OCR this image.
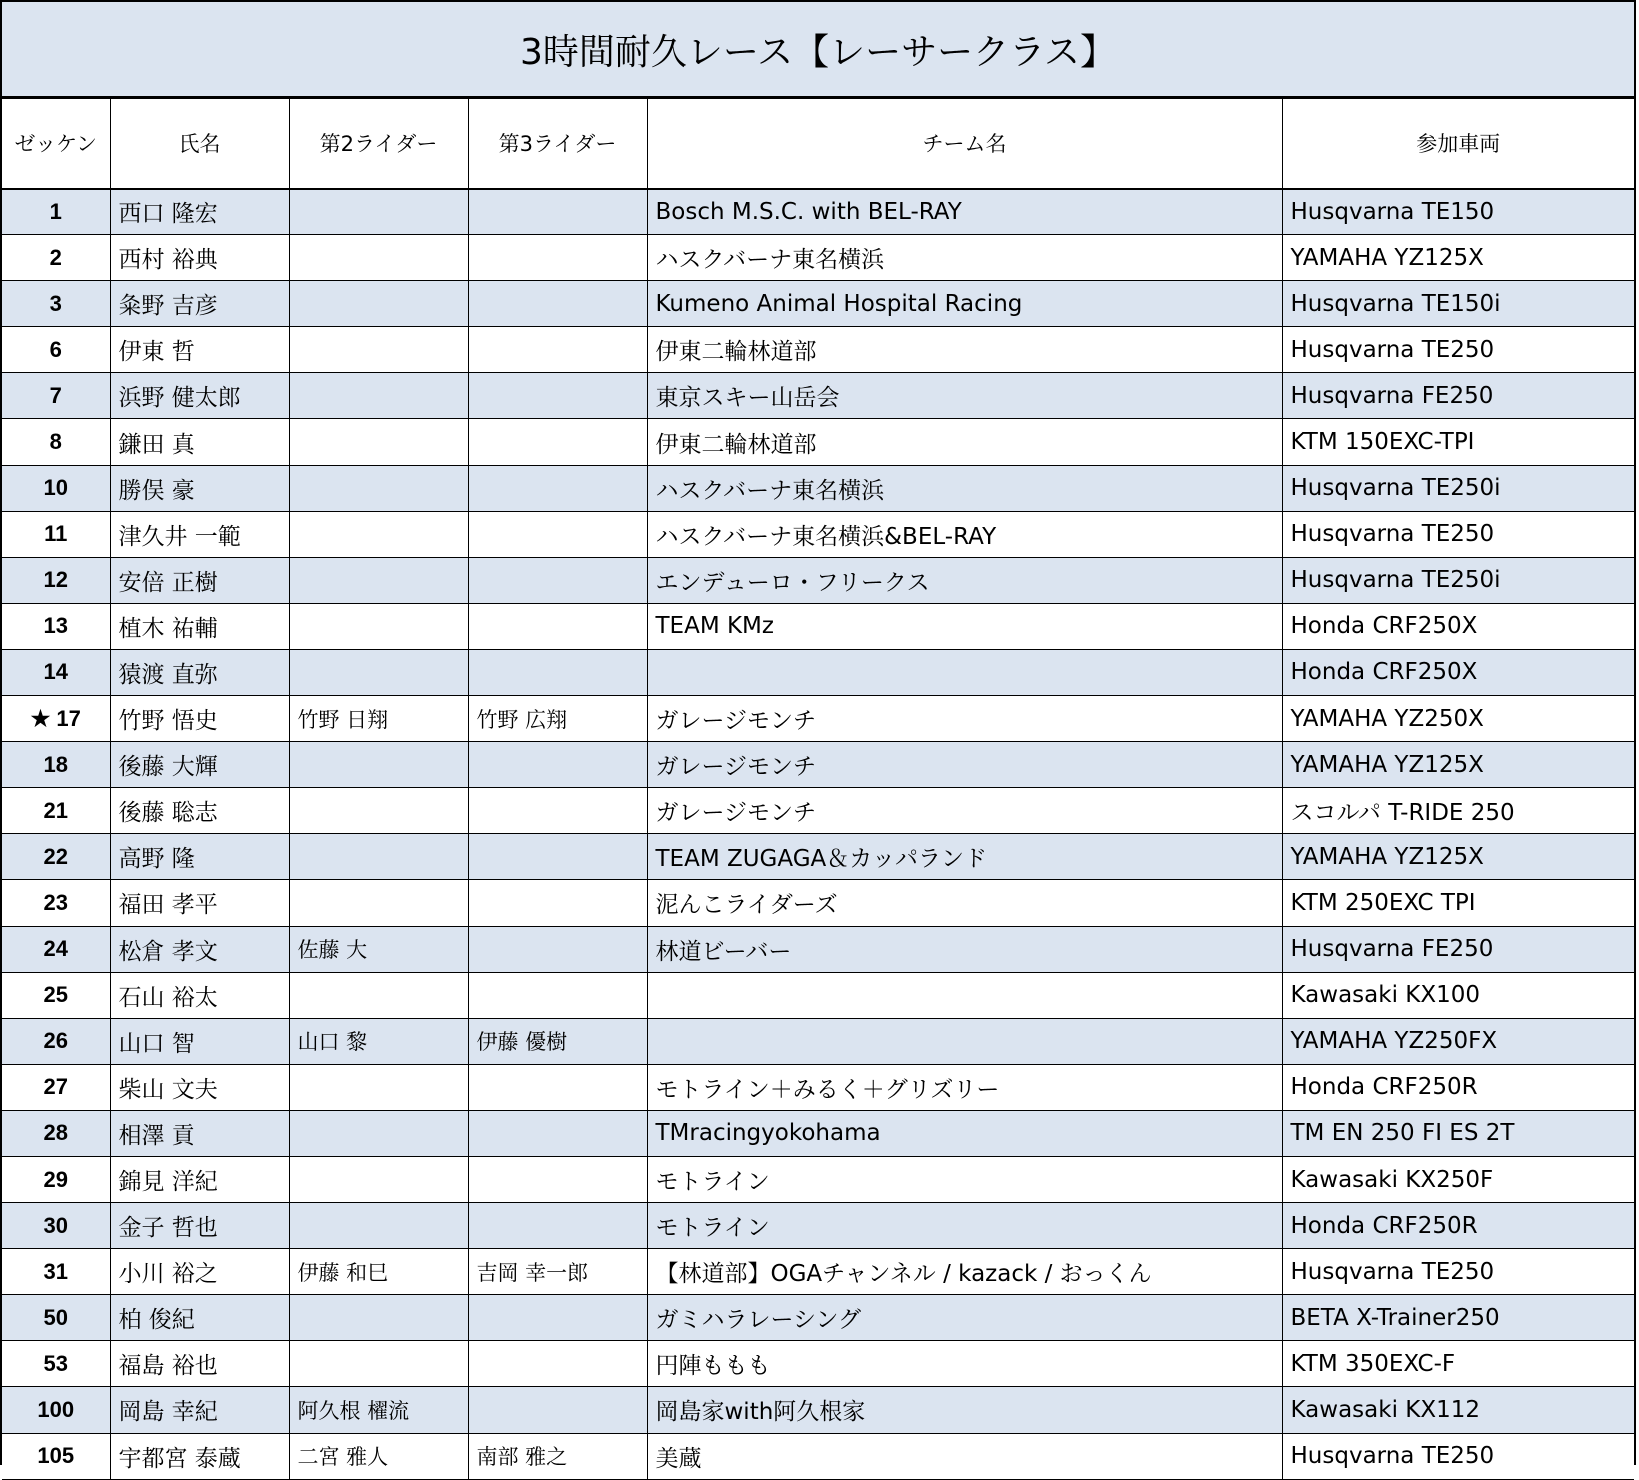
3時間耐久レース【レーサークラス】
ゼッケン	氏名	第2ライダー	第3ライダー	チーム名	参加車両
1	西口 隆宏			Bosch M.S.C. with BEL-RAY	Husqvarna TE150
2	西村 裕典			ハスクバーナ東名横浜	YAMAHA YZ125X
3	粂野 吉彦			Kumeno Animal Hospital Racing	Husqvarna TE150i
6	伊東 哲			伊東二輪林道部	Husqvarna TE250
7	浜野 健太郎			東京スキー山岳会	Husqvarna FE250
8	鎌田 真			伊東二輪林道部	KTM 150EXC-TPI
10	勝俣 豪			ハスクバーナ東名横浜	Husqvarna TE250i
11	津久井 一範			ハスクバーナ東名横浜&BEL-RAY	Husqvarna TE250
12	安倍 正樹			エンデューロ・フリークス	Husqvarna TE250i
13	植木 祐輔			TEAM KMz	Honda CRF250X
14	猿渡 直弥				Honda CRF250X
★ 17	竹野 悟史	竹野 日翔	竹野 広翔	ガレージモンチ	YAMAHA YZ250X
18	後藤 大輝			ガレージモンチ	YAMAHA YZ125X
21	後藤 聡志			ガレージモンチ	スコルパ T-RIDE 250
22	高野 隆			TEAM ZUGAGA＆カッパランド	YAMAHA YZ125X
23	福田 孝平			泥んこライダーズ	KTM 250EXC TPI
24	松倉 孝文	佐藤 大		林道ビーバー	Husqvarna FE250
25	石山 裕太				Kawasaki KX100
26	山口 智	山口 黎	伊藤 優樹		YAMAHA YZ250FX
27	柴山 文夫			モトライン＋みるく＋グリズリー	Honda CRF250R
28	相澤 貢			TMracingyokohama	TM EN 250 FI ES 2T
29	錦見 洋紀			モトライン	Kawasaki KX250F
30	金子 哲也			モトライン	Honda CRF250R
31	小川 裕之	伊藤 和巳	吉岡 幸一郎	【林道部】OGAチャンネル / kazack / おっくん	Husqvarna TE250
50	柏 俊紀			ガミハラレーシング	BETA X-Trainer250
53	福島 裕也			円陣ももも	KTM 350EXC-F
100	岡島 幸紀	阿久根 櫂流		岡島家with阿久根家	Kawasaki KX112
105	宇都宮 泰蔵	二宮 雅人	南部 雅之	美蔵	Husqvarna TE250
